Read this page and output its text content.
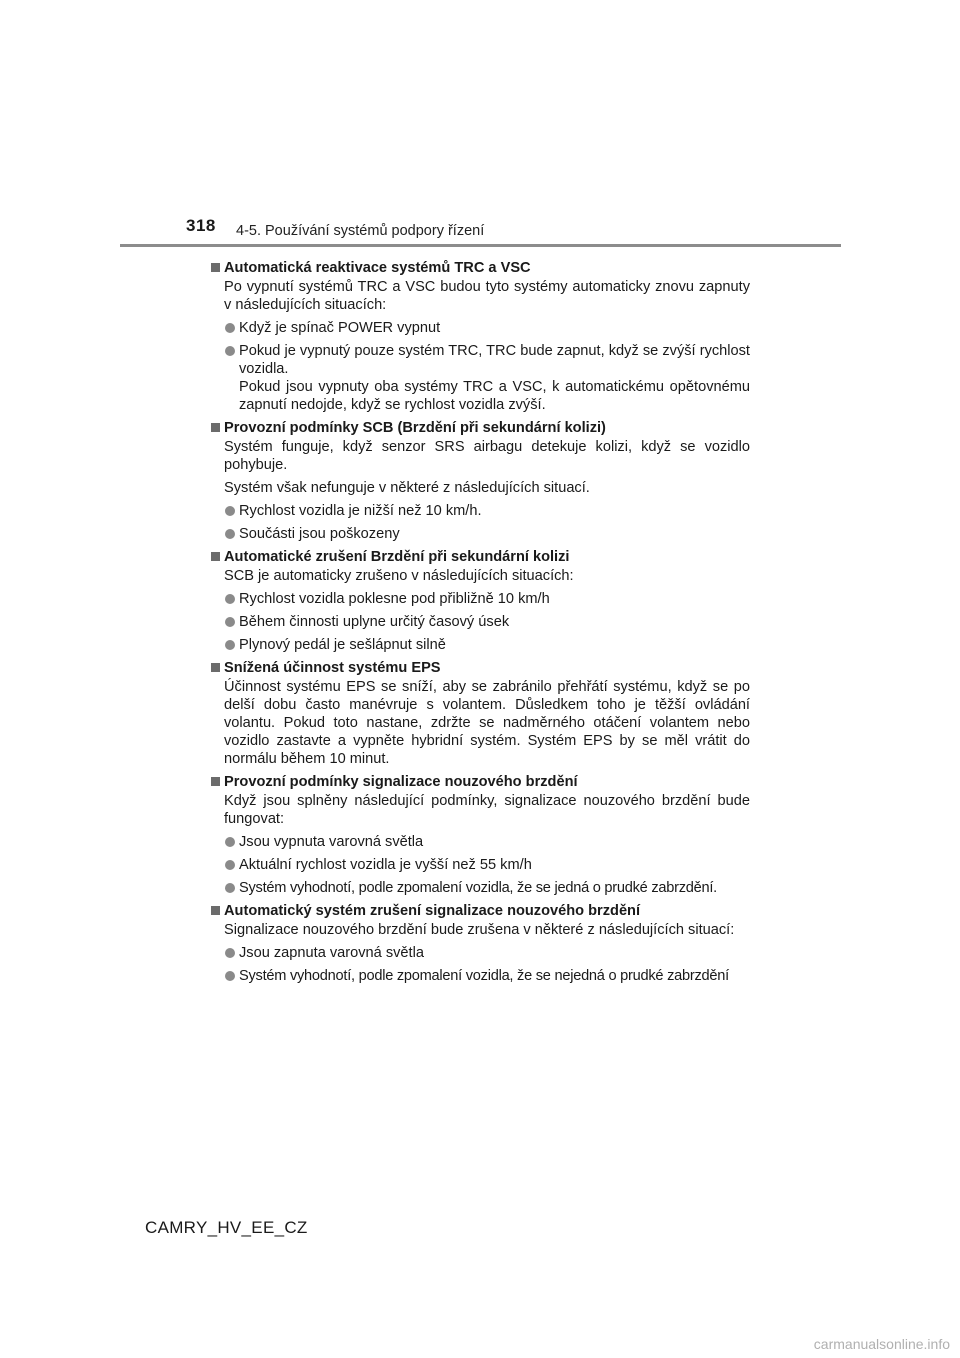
318 4-5. Používání systémů podpory řízení
Automatická reaktivace systémů TRC a VSC

Po vypnutí systémů TRC a VSC budou tyto systémy automaticky znovu zapnuty v následujících situacích:

Když je spínač POWER vypnut
Pokud je vypnutý pouze systém TRC, TRC bude zapnut, když se zvýší rychlost vozidla.
Pokud jsou vypnuty oba systémy TRC a VSC, k automatickému opětovnému zapnutí nedojde, když se rychlost vozidla zvýší.
Provozní podmínky SCB (Brzdění při sekundární kolizi)

Systém funguje, když senzor SRS airbagu detekuje kolizi, když se vozidlo pohybuje.

Systém však nefunguje v některé z následujících situací.

Rychlost vozidla je nižší než 10 km/h.
Součásti jsou poškozeny
Automatické zrušení Brzdění při sekundární kolizi

SCB je automaticky zrušeno v následujících situacích:

Rychlost vozidla poklesne pod přibližně 10 km/h
Během činnosti uplyne určitý časový úsek
Plynový pedál je sešlápnut silně
Snížená účinnost systému EPS

Účinnost systému EPS se sníží, aby se zabránilo přehřátí systému, když se po delší dobu často manévruje s volantem. Důsledkem toho je těžší ovládání volantu. Pokud toto nastane, zdržte se nadměrného otáčení volantem nebo vozidlo zastavte a vypněte hybridní systém. Systém EPS by se měl vrátit do normálu během 10 minut.

Provozní podmínky signalizace nouzového brzdění

Když jsou splněny následující podmínky, signalizace nouzového brzdění bude fungovat:

Jsou vypnuta varovná světla
Aktuální rychlost vozidla je vyšší než 55 km/h
Systém vyhodnotí, podle zpomalení vozidla, že se jedná o prudké zabrzdění.
Automatický systém zrušení signalizace nouzového brzdění

Signalizace nouzového brzdění bude zrušena v některé z následujících situací:

Jsou zapnuta varovná světla
Systém vyhodnotí, podle zpomalení vozidla, že se nejedná o prudké zabrzdění
CAMRY_HV_EE_CZ
carmanualsonline.info
